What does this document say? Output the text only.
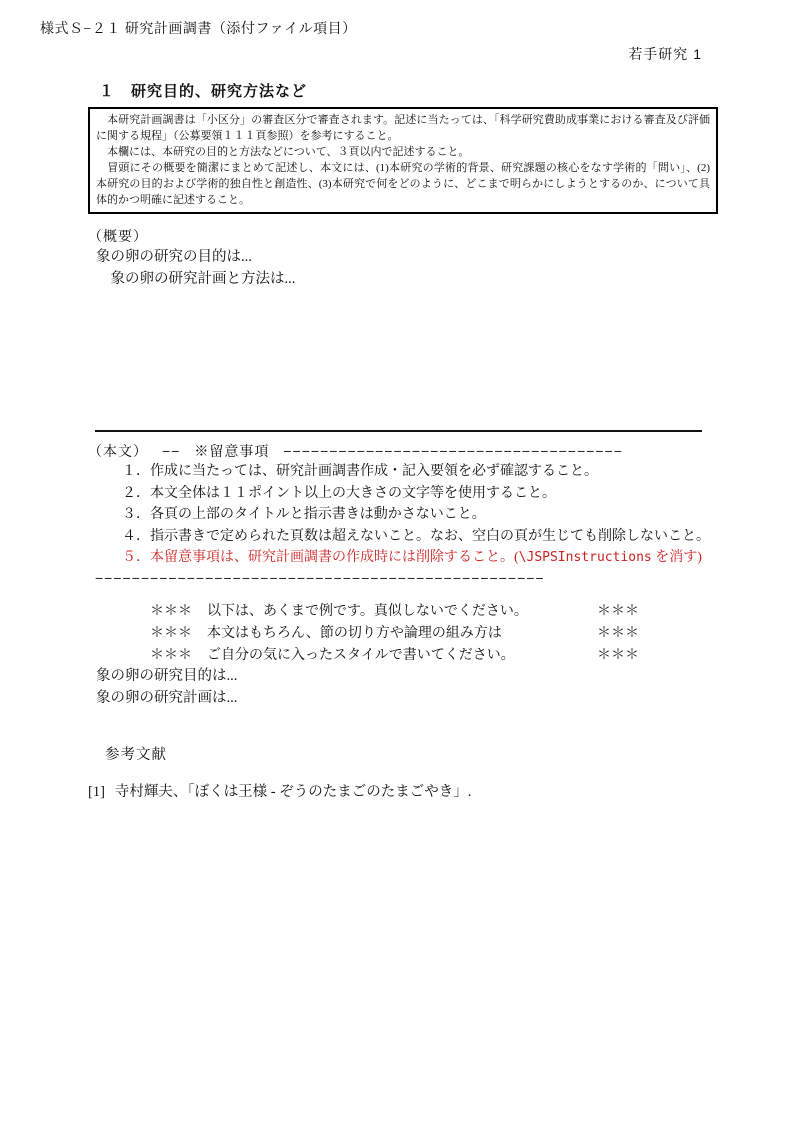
様式Ｓ−２１ 研究計画調書（添付ファイル項目）
若手研究 1
１　研究目的、研究方法など

　本研究計画調書は「小区分」の審査区分で審査されます。記述に当たっては、「科学研究費助成事業における審査及び評価に関する規程」（公募要領１１１頁参照）を参考にすること。

　本欄には、本研究の目的と方法などについて、３頁以内で記述すること。

　冒頭にその概要を簡潔にまとめて記述し、本文には、(1)本研究の学術的背景、研究課題の核心をなす学術的「問い」、(2)本研究の目的および学術的独自性と創造性、(3)本研究で何をどのように、どこまで明らかにしようとするのか、について具体的かつ明確に記述すること。

（概要）
象の卵の研究の目的は...
　象の卵の研究計画と方法は...
（本文） −− ※留意事項 −−−−−−−−−−−−−−−−−−−−−−−−−−−−−−−−−−−−−
１．作成に当たっては、研究計画調書作成・記入要領を必ず確認すること。
２．本文全体は１１ポイント以上の大きさの文字等を使用すること。
３．各頁の上部のタイトルと指示書きは動かさないこと。
４．指示書きで定められた頁数は超えないこと。なお、空白の頁が生じても削除しないこと。
５．本留意事項は、研究計画調書の作成時には削除すること。(\JSPSInstructions を消す)
−−−−−−−−−−−−−−−−−−−−−−−−−−−−−−−−−−−−−−−−−−−−−−−−−
＊＊＊ 以下は、あくまで例です。真似しないでください。	＊＊＊
＊＊＊ 本文はもちろん、節の切り方や論理の組み方は	＊＊＊
＊＊＊ ご自分の気に入ったスタイルで書いてください。	＊＊＊
象の卵の研究目的は...
象の卵の研究計画は...
参考文献
[1] 寺村輝夫、「ぼくは王様 - ぞうのたまごのたまごやき」.
